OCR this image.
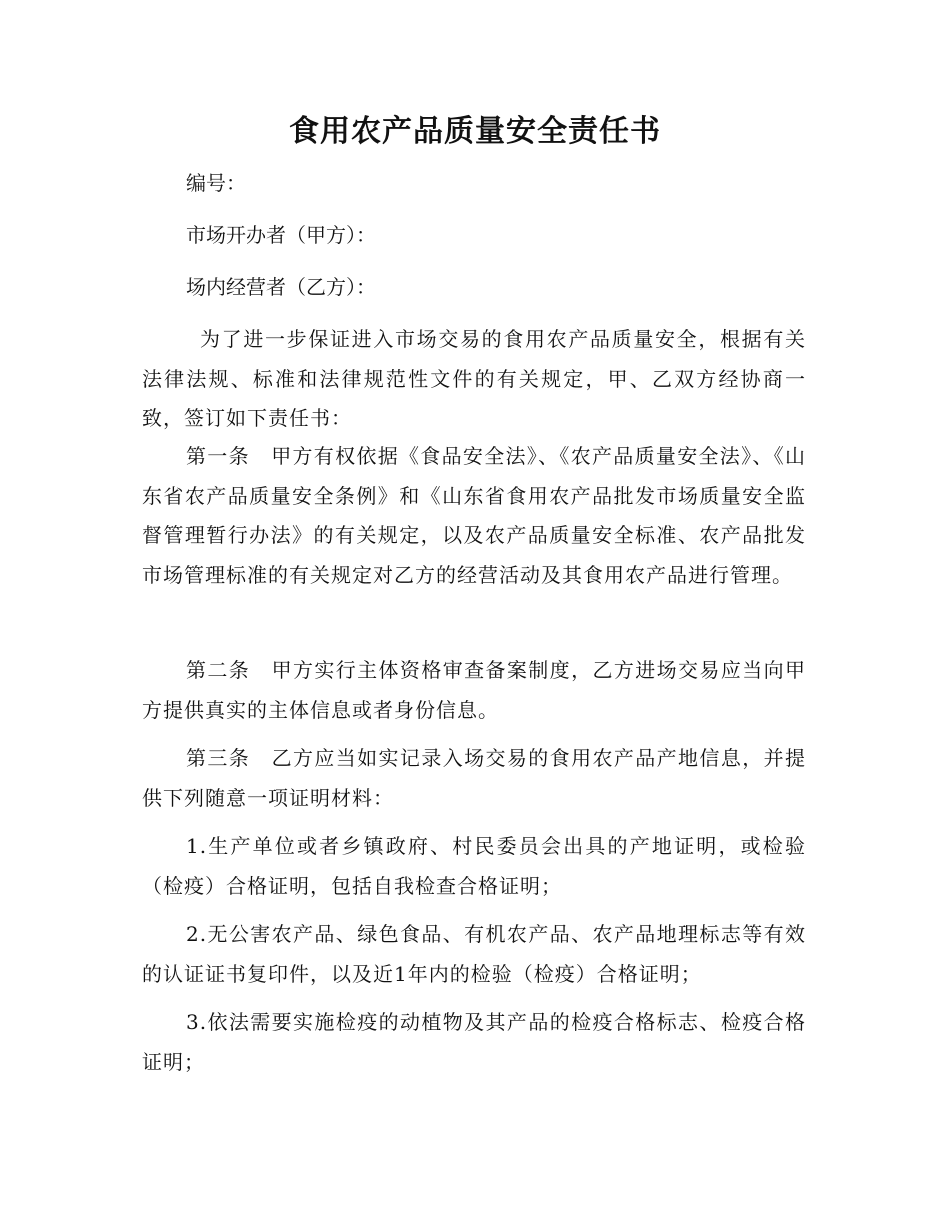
食用农产品质量安全责任书
编号：
市场开办者（甲方）：
场内经营者（乙方）：

为了进一步保证进入市场交易的食用农产品质量安全，根据有关法律法规、标准和法律规范性文件的有关规定，甲、乙双方经协商一致，签订如下责任书：

第一条　甲方有权依据《食品安全法》、《农产品质量安全法》、《山东省农产品质量安全条例》和《山东省食用农产品批发市场质量安全监督管理暂行办法》的有关规定，以及农产品质量安全标准、农产品批发市场管理标准的有关规定对乙方的经营活动及其食用农产品进行管理。

第二条　甲方实行主体资格审查备案制度，乙方进场交易应当向甲方提供真实的主体信息或者身份信息。

第三条　乙方应当如实记录入场交易的食用农产品产地信息，并提供下列随意一项证明材料：

1.生产单位或者乡镇政府、村民委员会出具的产地证明，或检验（检疫）合格证明，包括自我检查合格证明；

2.无公害农产品、绿色食品、有机农产品、农产品地理标志等有效的认证证书复印件，以及近1年内的检验（检疫）合格证明；

3.依法需要实施检疫的动植物及其产品的检疫合格标志、检疫合格证明；
